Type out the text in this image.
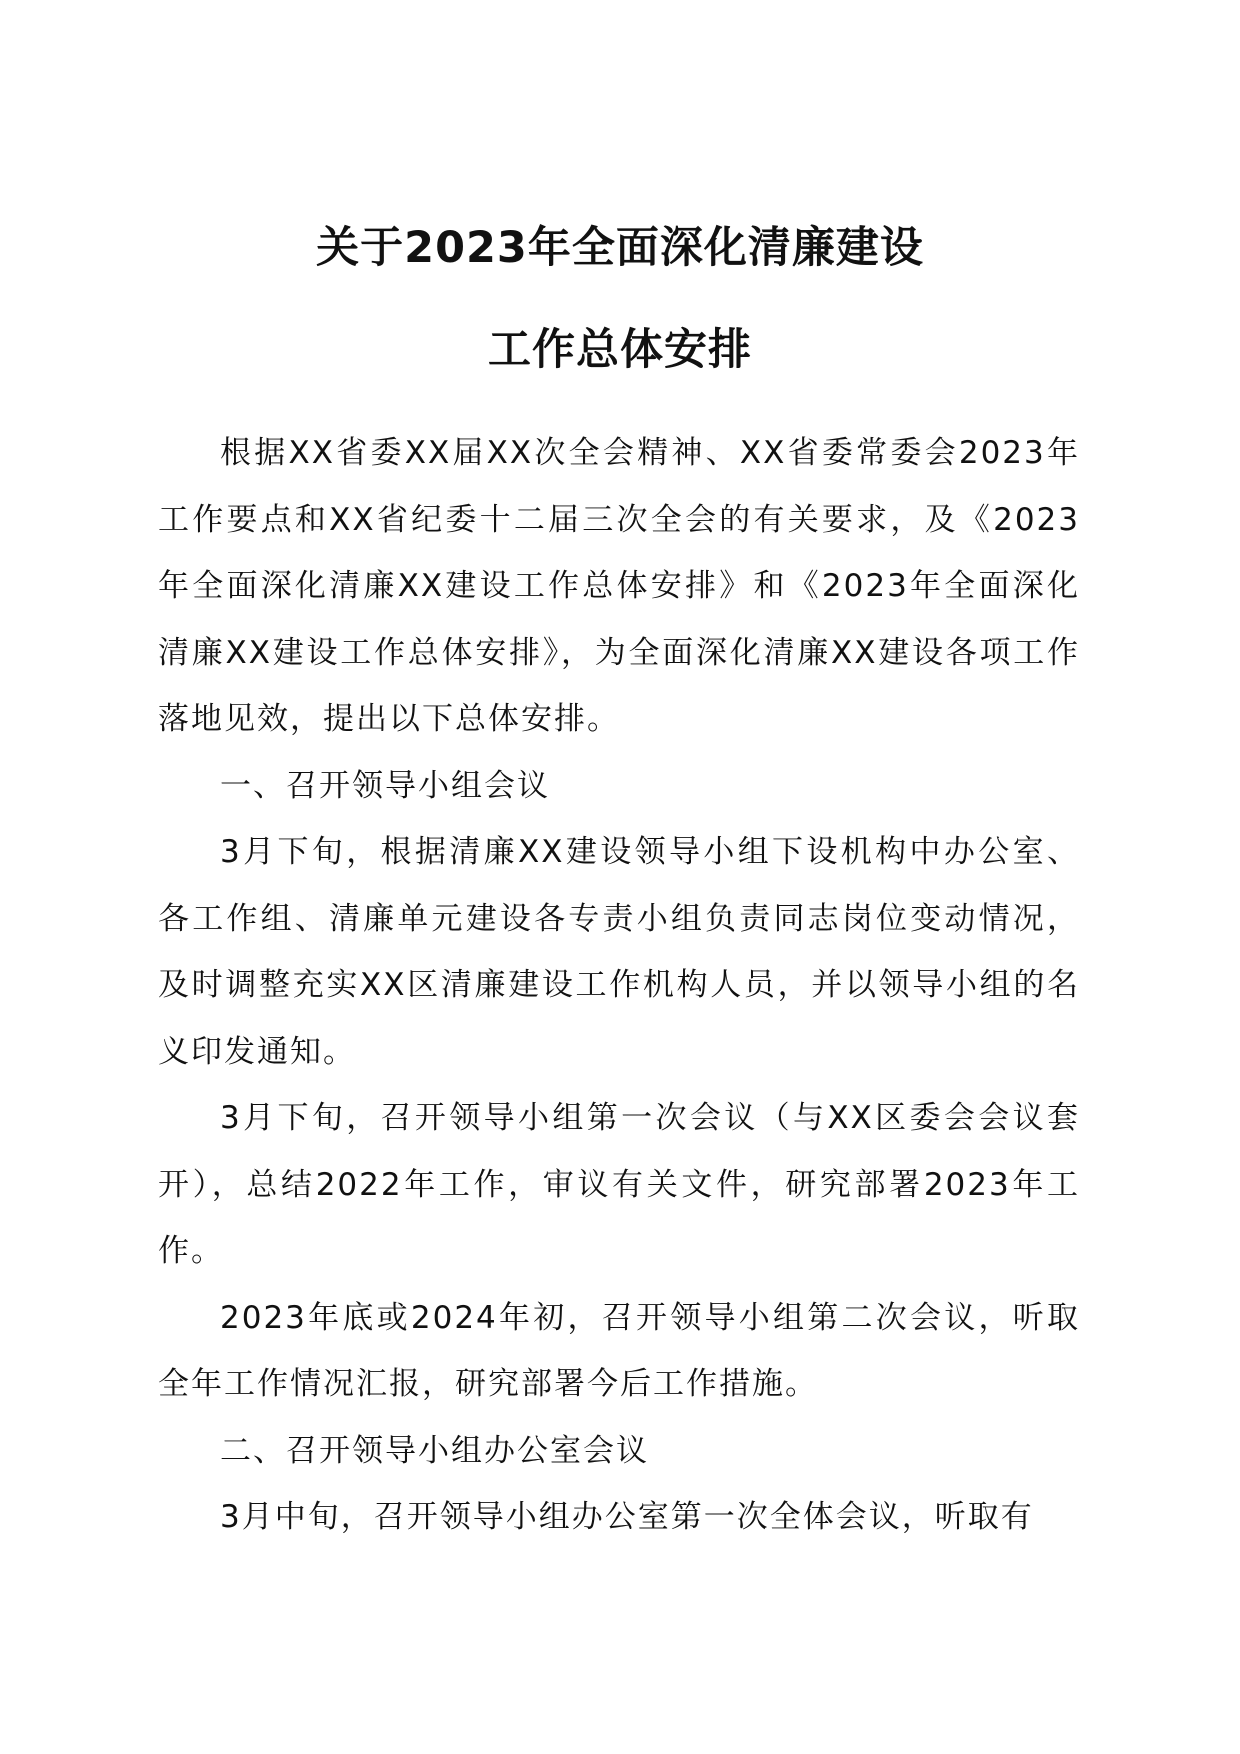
关于2023年全面深化清廉建设
工作总体安排

根据XX省委XX届XX次全会精神、XX省委常委会2023年工作要点和XX省纪委十二届三次全会的有关要求，及《2023年全面深化清廉XX建设工作总体安排》和《2023年全面深化清廉XX建设工作总体安排》，为全面深化清廉XX建设各项工作落地见效，提出以下总体安排。

一、召开领导小组会议

3月下旬，根据清廉XX建设领导小组下设机构中办公室、各工作组、清廉单元建设各专责小组负责同志岗位变动情况，及时调整充实XX区清廉建设工作机构人员，并以领导小组的名义印发通知。

3月下旬，召开领导小组第一次会议（与XX区委会会议套开），总结2022年工作，审议有关文件，研究部署2023年工作。

2023年底或2024年初，召开领导小组第二次会议，听取全年工作情况汇报，研究部署今后工作措施。

二、召开领导小组办公室会议

3月中旬，召开领导小组办公室第一次全体会议，听取有
